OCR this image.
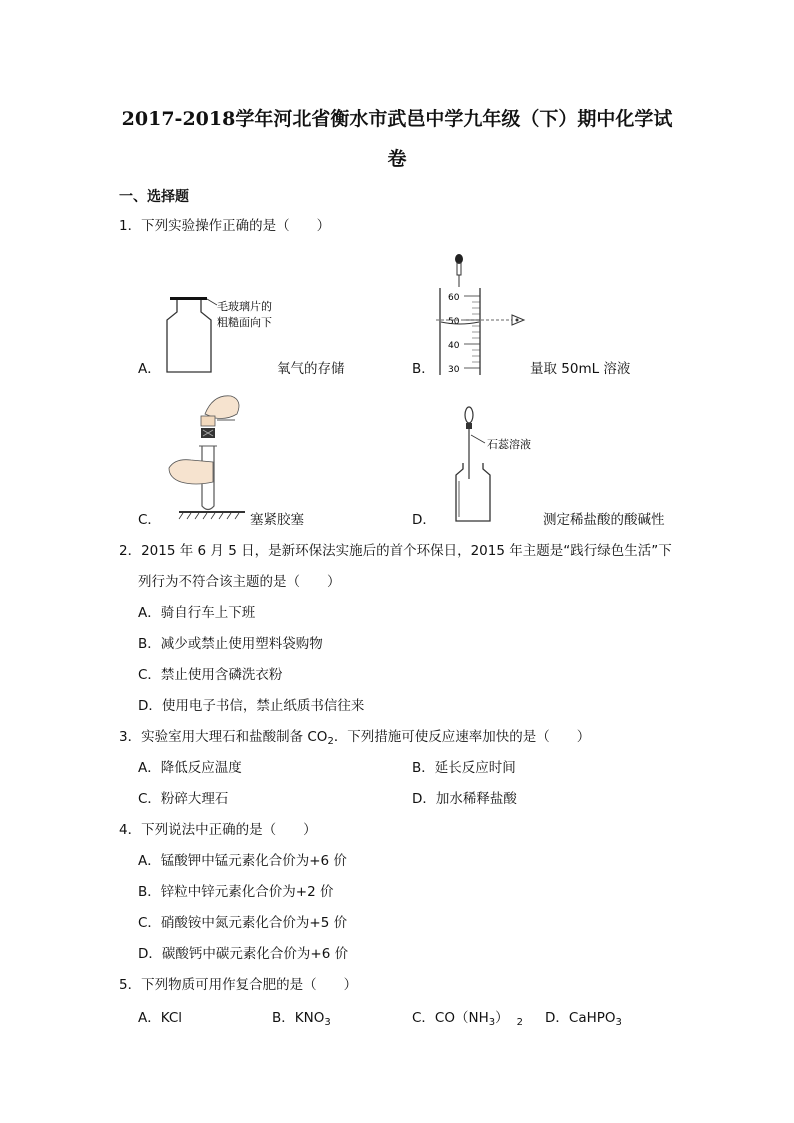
2017-2018学年河北省衡水市武邑中学九年级（下）期中化学试
卷
一、选择题
1．下列实验操作正确的是（　　）
毛玻璃片的
粗糙面向下
A．	氧气的存储
60
50
40
30
B．	量取 50mL 溶液
C．	塞紧胶塞
石蕊溶液
D．	测定稀盐酸的酸碱性
2．2015 年 6 月 5 日，是新环保法实施后的首个环保日，2015 年主题是“践行绿色生活”下
列行为不符合该主题的是（　　）
A．骑自行车上下班
B．减少或禁止使用塑料袋购物
C．禁止使用含磷洗衣粉
D．使用电子书信，禁止纸质书信往来
3．实验室用大理石和盐酸制备 $CO_2$．下列措施可使反应速率加快的是（　　）
A．降低反应温度	B．延长反应时间
C．粉碎大理石	D．加水稀释盐酸
4．下列说法中正确的是（　　）
A．锰酸钾中锰元素化合价为+6 价
B．锌粒中锌元素化合价为+2 价
C．硝酸铵中氮元素化合价为+5 价
D．碳酸钙中碳元素化合价为+6 价
5．下列物质可用作复合肥的是（　　）
A．KCl	B．$KNO_3$	C．$CO(NH_3)$ $_2$ D．CaHPO$_3$
